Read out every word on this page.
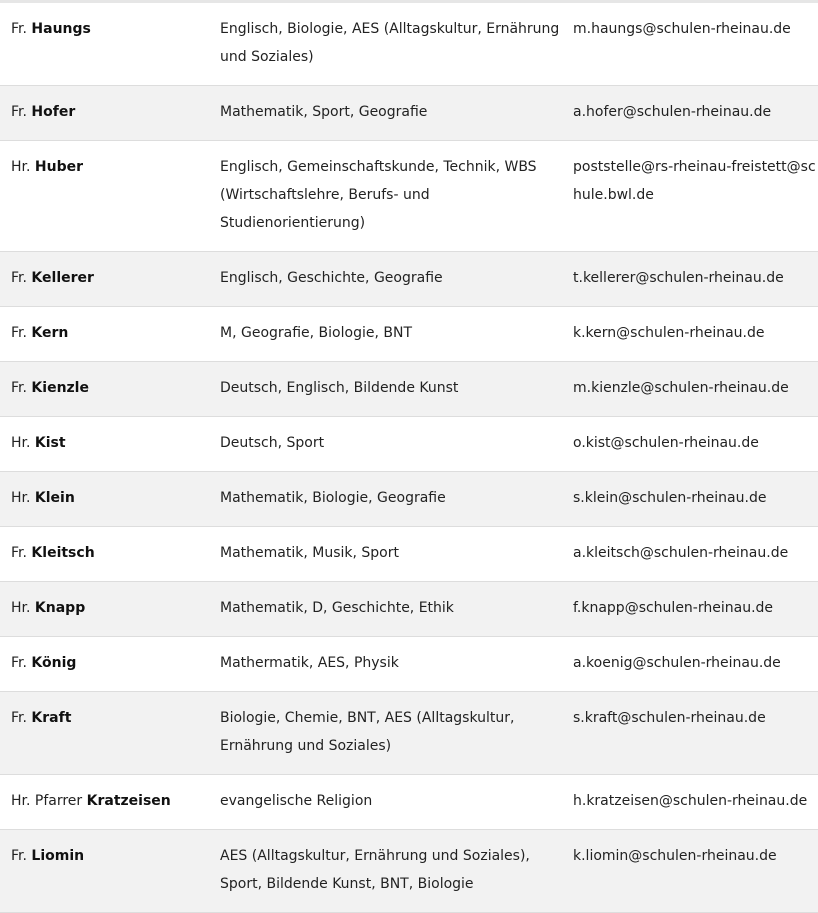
Fr. Haungs	Englisch, Biologie, AES (Alltagskultur, Ernährung und Soziales)	m.haungs@schulen-rheinau.de
Fr. Hofer	Mathematik, Sport, Geografie	a.hofer@schulen-rheinau.de
Hr. Huber	Englisch, Gemeinschaftskunde, Technik, WBS (Wirtschaftslehre, Berufs- und Studienorientierung)	poststelle@rs-rheinau-freistett@schule.bwl.de
Fr. Kellerer	Englisch, Geschichte, Geografie	t.kellerer@schulen-rheinau.de
Fr. Kern	M, Geografie, Biologie, BNT	k.kern@schulen-rheinau.de
Fr. Kienzle	Deutsch, Englisch, Bildende Kunst	m.kienzle@schulen-rheinau.de
Hr. Kist	Deutsch, Sport	o.kist@schulen-rheinau.de
Hr. Klein	Mathematik, Biologie, Geografie	s.klein@schulen-rheinau.de
Fr. Kleitsch	Mathematik, Musik, Sport	a.kleitsch@schulen-rheinau.de
Hr. Knapp	Mathematik, D, Geschichte, Ethik	f.knapp@schulen-rheinau.de
Fr. König	Mathermatik, AES, Physik	a.koenig@schulen-rheinau.de
Fr. Kraft	Biologie, Chemie, BNT, AES (Alltagskultur, Ernährung und Soziales)	s.kraft@schulen-rheinau.de
Hr. Pfarrer Kratzeisen	evangelische Religion	h.kratzeisen@schulen-rheinau.de
Fr. Liomin	AES (Alltagskultur, Ernährung und Soziales), Sport, Bildende Kunst, BNT, Biologie	k.liomin@schulen-rheinau.de
